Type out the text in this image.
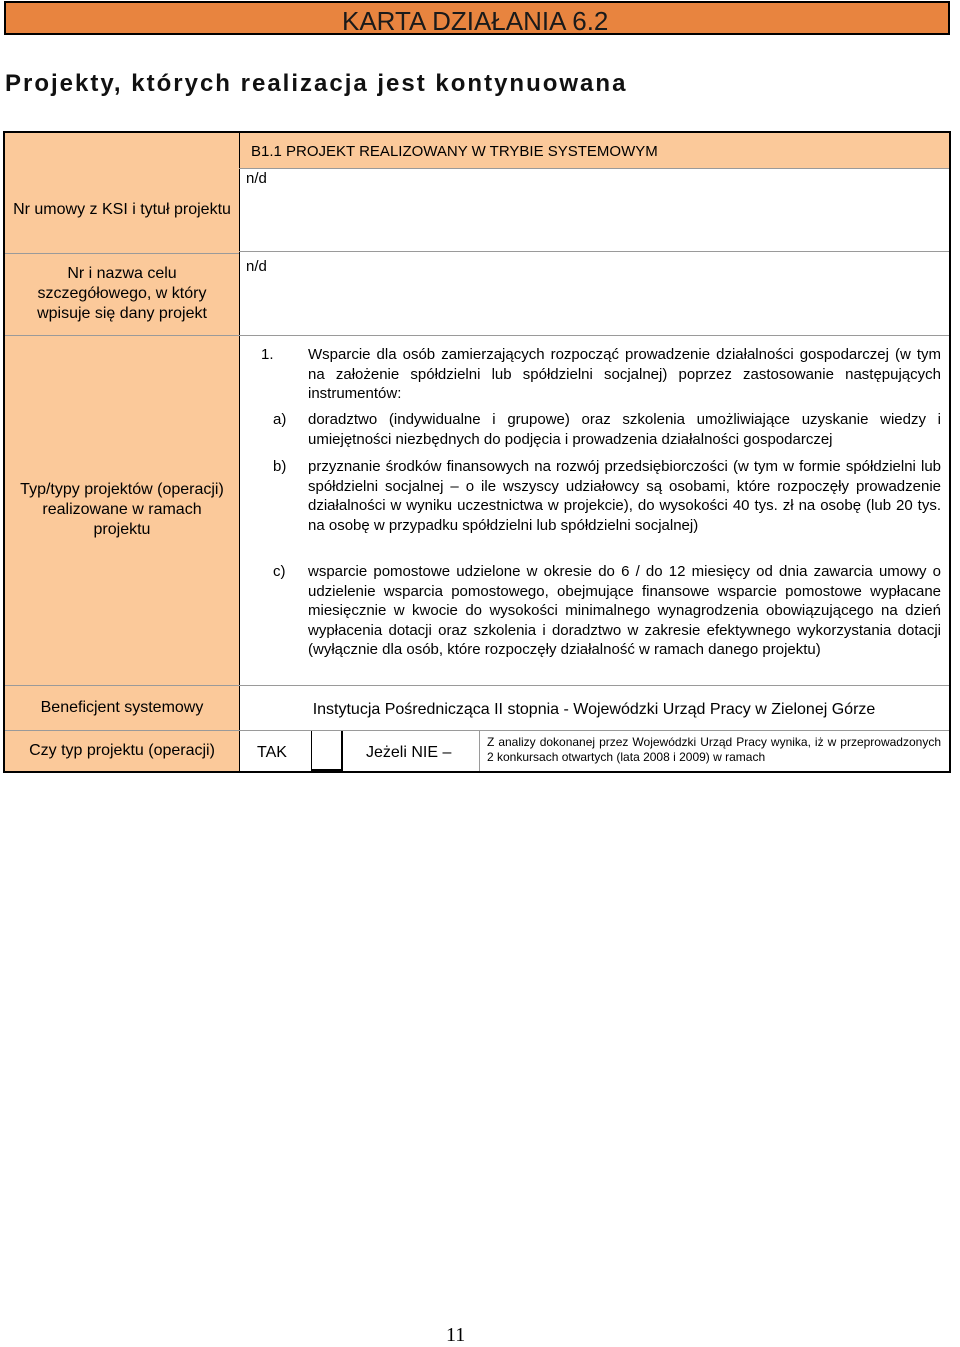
KARTA DZIAŁANIA 6.2
Projekty, których realizacja jest kontynuowana
Nr umowy z KSI i tytuł projektu
Nr i nazwa celu szczegółowego, w który wpisuje się dany projekt
Typ/typy projektów (operacji) realizowane w ramach projektu
Beneficjent systemowy
Czy typ projektu (operacji)
B1.1 PROJEKT REALIZOWANY W TRYBIE SYSTEMOWYM
n/d
n/d
1. Wsparcie dla osób zamierzających rozpocząć prowadzenie działalności gospodarczej (w tym na założenie spółdzielni lub spółdzielni socjalnej) poprzez zastosowanie następujących instrumentów:
a) doradztwo (indywidualne i grupowe) oraz szkolenia umożliwiające uzyskanie wiedzy i umiejętności niezbędnych do podjęcia i prowadzenia działalności gospodarczej
b) przyznanie środków finansowych na rozwój przedsiębiorczości (w tym w formie spółdzielni lub spółdzielni socjalnej – o ile wszyscy udziałowcy są osobami, które rozpoczęły prowadzenie działalności w wyniku uczestnictwa w projekcie), do wysokości 40 tys. zł na osobę (lub 20 tys. na osobę w przypadku spółdzielni lub spółdzielni socjalnej)
c) wsparcie pomostowe udzielone w okresie do 6 / do 12 miesięcy od dnia zawarcia umowy o udzielenie wsparcia pomostowego, obejmujące finansowe wsparcie pomostowe wypłacane miesięcznie w kwocie do wysokości minimalnego wynagrodzenia obowiązującego na dzień wypłacenia dotacji oraz szkolenia i doradztwo w zakresie efektywnego wykorzystania dotacji (wyłącznie dla osób, które rozpoczęły działalność w ramach danego projektu)
Instytucja Pośrednicząca II stopnia - Wojewódzki Urząd Pracy w Zielonej Górze
TAK	Jeżeli NIE –
Z analizy dokonanej przez Wojewódzki Urząd Pracy wynika, iż w przeprowadzonych 2 konkursach otwartych (lata 2008 i 2009) w ramach
11
